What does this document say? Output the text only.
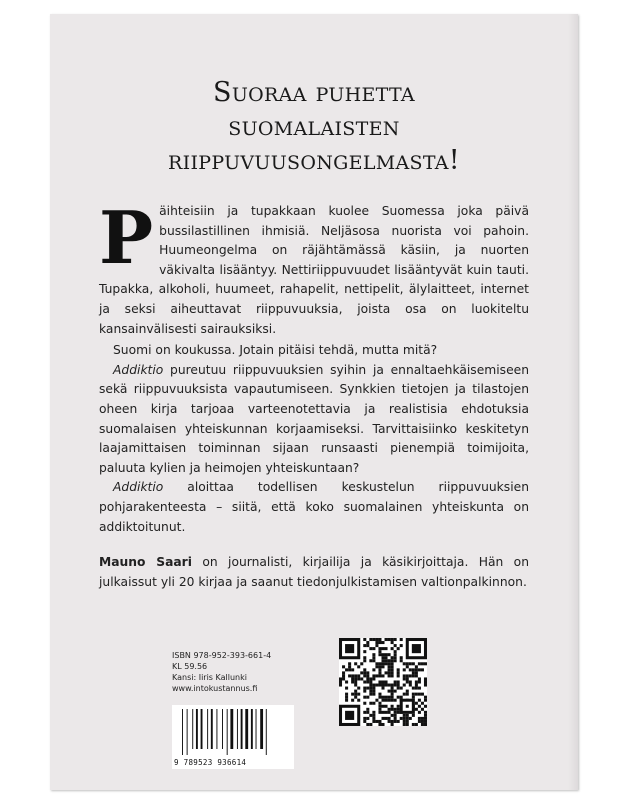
Suoraa puhetta
suomalaisten
riippuvuusongelmasta!

Päihteisiin ja tupakkaan kuolee Suomessa joka päivä bussilastillinen ihmisiä. Neljäsosa nuorista voi pahoin. Huumeongelma on räjähtämässä käsiin, ja nuorten väkivalta lisääntyy. Nettiriippuvuudet lisääntyvät kuin tauti. Tupakka, alkoholi, huumeet, rahapelit, nettipelit, älylaitteet, internet ja seksi aiheuttavat riippuvuuksia, joista osa on luokiteltu kansainvälisesti sairauksiksi.

Suomi on koukussa. Jotain pitäisi tehdä, mutta mitä?

Addiktio pureutuu riippuvuuksien syihin ja ennaltaehkäisemiseen sekä riippuvuuksista vapautumiseen. Synkkien tietojen ja tilastojen oheen kirja tarjoaa varteenotettavia ja realistisia ehdotuksia suomalaisen yhteiskunnan korjaamiseksi. Tarvittaisiinko keskitetyn laajamittaisen toiminnan sijaan runsaasti pienempiä toimijoita, paluuta kylien ja heimojen yhteiskuntaan?

Addiktio aloittaa todellisen keskustelun riippuvuuksien pohjarakenteesta – siitä, että koko suomalainen yhteiskunta on addiktoitunut.

Mauno Saari on journalisti, kirjailija ja käsikirjoittaja. Hän on julkaissut yli 20 kirjaa ja saanut tiedonjulkistamisen valtionpalkinnon.

ISBN 978-952-393-661-4
KL 59.56
Kansi: Iiris Kallunki
www.intokustannus.fi
9 789523 936614
